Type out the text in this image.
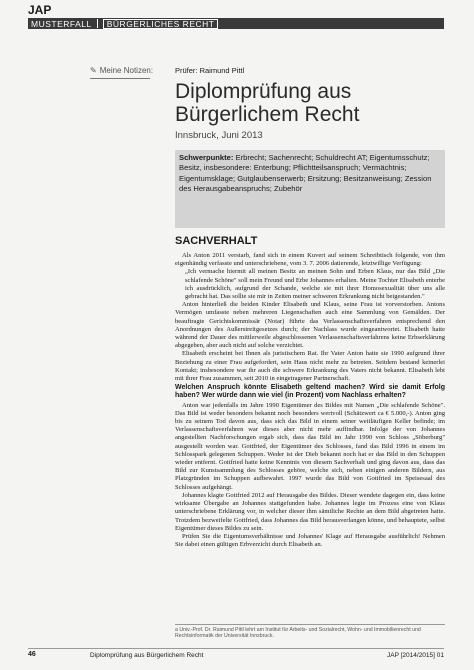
JAP
MUSTERFALL	BÜRGERLICHES RECHT
✎ Meine Notizen:	Prüfer: Raimund Pittl
Diplomprüfung aus
Bürgerlichem Recht
Innsbruck, Juni 2013
Schwerpunkte: Erbrecht; Sachenrecht; Schuldrecht AT; Eigentumsschutz; Besitz, insbesondere: Enterbung; Pflichtteilsanspruch; Vermächtnis; Eigentumsklage; Gutglaubenserwerb; Ersitzung; Besitzanweisung; Zession des Herausgabeanspruchs; Zubehör
SACHVERHALT

Als Anton 2011 verstarb, fand sich in einem Kuvert auf seinem Schreibtisch folgende, von ihm eigenhändig verfasste und unterschriebene, vom 3. 7. 2006 datierende, letztwillige Verfügung:

„Ich vermache hiermit all meinen Besitz an meinen Sohn und Erben Klaus, nur das Bild „Die schlafende Schöne" soll mein Freund und Erbe Johannes erhalten. Meine Tochter Elisabeth enterbe ich ausdrücklich, aufgrund der Schande, welche sie mit ihrer Homosexualität über uns alle gebracht hat. Das sollte sie mir in Zeiten meiner schweren Erkrankung nicht beigestanden."

Anton hinterließ die beiden Kinder Elisabeth und Klaus, seine Frau ist vorverstorben. Antons Vermögen umfasste neben mehreren Liegenschaften auch eine Sammlung von Gemälden. Der beauftragte Gerichtskommissär (Notar) führte das Verlassenschaftsverfahren entsprechend den Anordnungen des Außerstreitgesetzes durch; der Nachlass wurde eingeantwortet. Elisabeth hatte während der Dauer des mittlerweile abgeschlossenen Verlassenschaftsverfahrens keine Erbserklärung abgegeben, aber auch nicht auf solche verzichtet.

Elisabeth erscheint bei Ihnen als juristischem Rat. Ihr Vater Anton hatte sie 1990 aufgrund ihrer Beziehung zu einer Frau aufgefordert, sein Haus nicht mehr zu betreten. Seitdem bestand keinerlei Kontakt; insbesondere war ihr auch die schwere Erkrankung des Vaters nicht bekannt. Elisabeth lebt mit ihrer Frau zusammen, seit 2010 in eingetragener Partnerschaft.

Welchen Anspruch könnte Elisabeth geltend machen? Wird sie damit Erfolg haben? Wer würde dann wie viel (in Prozent) vom Nachlass erhalten?

Anton war jedenfalls im Jahre 1990 Eigentümer des Bildes mit Namen „Die schlafende Schöne". Das Bild ist weder besonders bekannt noch besonders wertvoll (Schätzwert ca € 5.000,-). Anton ging bis zu seinem Tod davon aus, dass sich das Bild in einem seiner weitläufigen Keller befinde; im Verlassenschaftsverfahren war dieses aber nicht mehr auffindbar. Infolge der von Johannes angestellten Nachforschungen ergab sich, dass das Bild im Jahr 1990 von Schloss „Söberburg" ausgestellt worden war. Gottfried, der Eigentümer des Schlosses, fand das Bild 1996 in einem im Schlosspark gelegenen Schuppen. Weder ist der Dieb bekannt noch hat er das Bild in den Schuppen wieder entfernt. Gottfried hatte keine Kenntnis von diesem Sachverhalt und ging davon aus, dass das Bild zur Kunstsammlung des Schlosses gehöre, welche sich, neben einigen anderen Bildern, aus Platzgründen im Schuppen aufbewahrt. 1997 wurde das Bild von Gottfried im Speisesaal des Schlosses aufgehängt.

Johannes klagte Gottfried 2012 auf Herausgabe des Bildes. Dieser wendete dagegen ein, dass keine wirksame Übergabe an Johannes stattgefunden habe. Johannes legte im Prozess eine von Klaus unterschriebene Erklärung vor, in welcher dieser ihm sämtliche Rechte an dem Bild abgetreten hatte. Trotzdem bezweifelte Gottfried, dass Johannes das Bild herausverlangen könne, und behauptete, selbst Eigentümer dieses Bildes zu sein.

Prüfen Sie die Eigentumsverhältnisse und Johannes' Klage auf Herausgabe ausführlich! Nehmen Sie dabei einen gültigen Erbverzicht durch Elisabeth an.

a Univ.-Prof. Dr. Raimund Pittl lehrt am Institut für Arbeits- und Sozialrecht, Wohn- und Immobilienrecht und Rechtsinformatik der Universität Innsbruck.
46	Diplomprüfung aus Bürgerlichem Recht	JAP [2014/2015] 01
